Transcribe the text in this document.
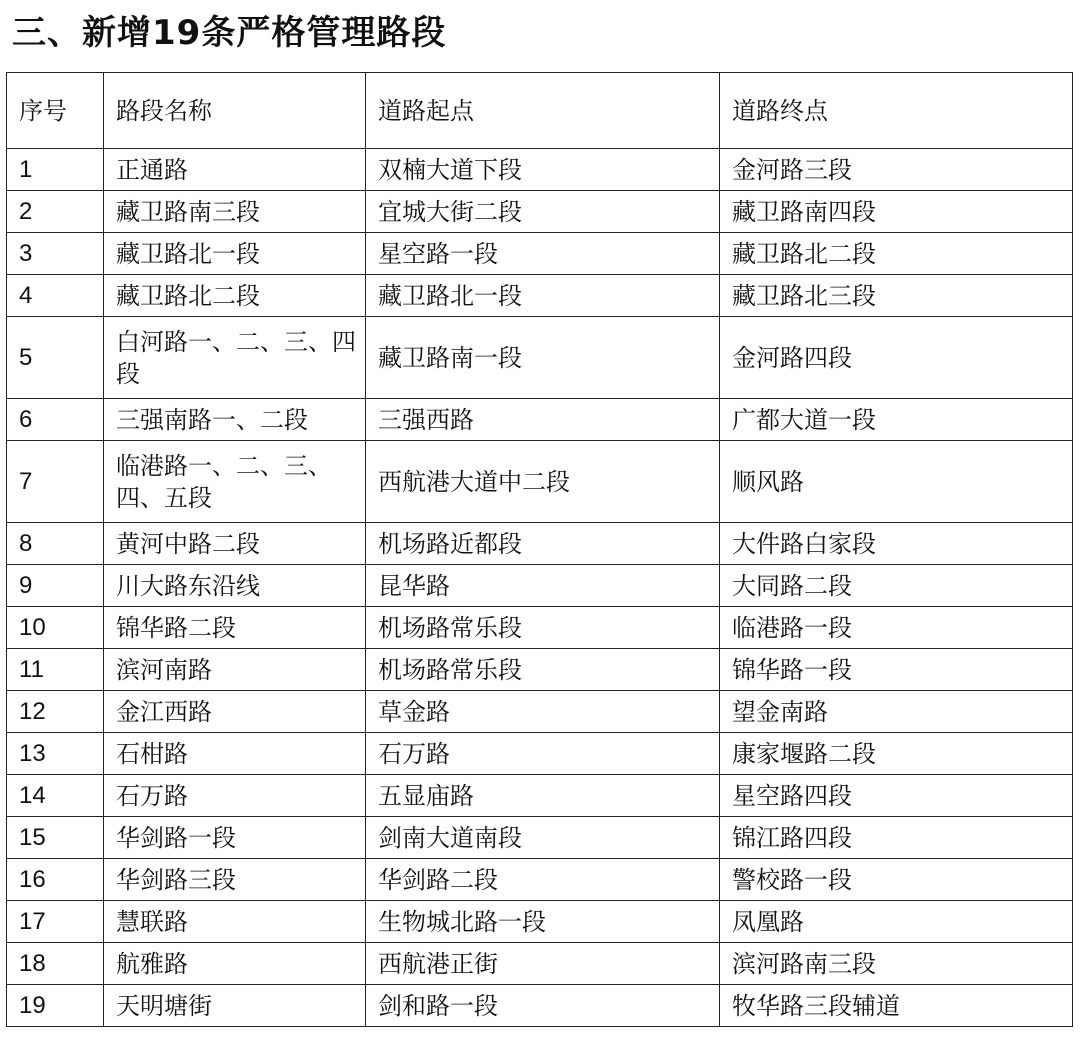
三、新增19条严格管理路段
序号	路段名称	道路起点	道路终点
1	正通路	双楠大道下段	金河路三段
2	藏卫路南三段	宜城大街二段	藏卫路南四段
3	藏卫路北一段	星空路一段	藏卫路北二段
4	藏卫路北二段	藏卫路北一段	藏卫路北三段
5	白河路一、二、三、四段	藏卫路南一段	金河路四段
6	三强南路一、二段	三强西路	广都大道一段
7	临港路一、二、三、四、五段	西航港大道中二段	顺风路
8	黄河中路二段	机场路近都段	大件路白家段
9	川大路东沿线	昆华路	大同路二段
10	锦华路二段	机场路常乐段	临港路一段
11	滨河南路	机场路常乐段	锦华路一段
12	金江西路	草金路	望金南路
13	石柑路	石万路	康家堰路二段
14	石万路	五显庙路	星空路四段
15	华剑路一段	剑南大道南段	锦江路四段
16	华剑路三段	华剑路二段	警校路一段
17	慧联路	生物城北路一段	凤凰路
18	航雅路	西航港正街	滨河路南三段
19	天明塘街	剑和路一段	牧华路三段辅道
